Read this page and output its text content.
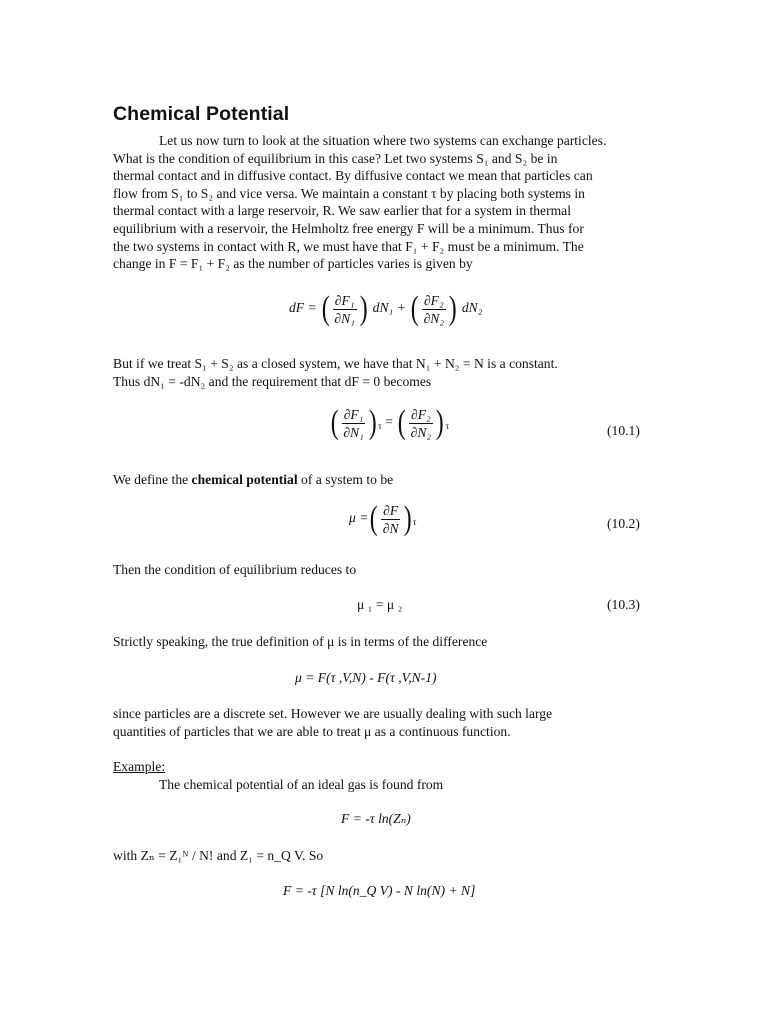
Chemical Potential

Let us now turn to look at the situation where two systems can exchange particles.

What is the condition of equilibrium in this case? Let two systems S₁ and S₂ be in

thermal contact and in diffusive contact. By diffusive contact we mean that particles can

flow from S₁ to S₂ and vice versa. We maintain a constant τ by placing both systems in

thermal contact with a large reservoir, R. We saw earlier that for a system in thermal

equilibrium with a reservoir, the Helmholtz free energy F will be a minimum. Thus for

the two systems in contact with R, we must have that F₁ + F₂ must be a minimum. The

change in F = F₁ + F₂ as the number of particles varies is given by

dF = ( $\frac{\text{∂F₁}}{\text{∂N₁}}$ ) dN₁ + ( $\frac{\text{∂F₂}}{\text{∂N₂}}$ ) dN₂

But if we treat S₁ + S₂ as a closed system, we have that N₁ + N₂ = N is a constant.

Thus dN₁ = -dN₂ and the requirement that dF = 0 becomes

( $\frac{\text{∂F₁}}{\text{∂N₁}}$ ) $_\tau$ = ( $\frac{\text{∂F₂}}{\text{∂N₂}}$ ) $_\tau$	(10.1)

We define the chemical potential of a system to be

μ =( $\frac{\partial F}{\partial N}$ ) $_\tau$	(10.2)

Then the condition of equilibrium reduces to

μ ₁ = μ ₂	(10.3)

Strictly speaking, the true definition of μ is in terms of the difference

μ = F(τ ,V,N) - F(τ ,V,N-1)

since particles are a discrete set. However we are usually dealing with such large

quantities of particles that we are able to treat μ as a continuous function.

Example:

The chemical potential of an ideal gas is found from

F = -τ ln(Zₙ)

with Zₙ = Z₁ᴺ / N! and Z₁ = n_Q V. So

F = -τ [N ln(n_Q V) - N ln(N) + N]
